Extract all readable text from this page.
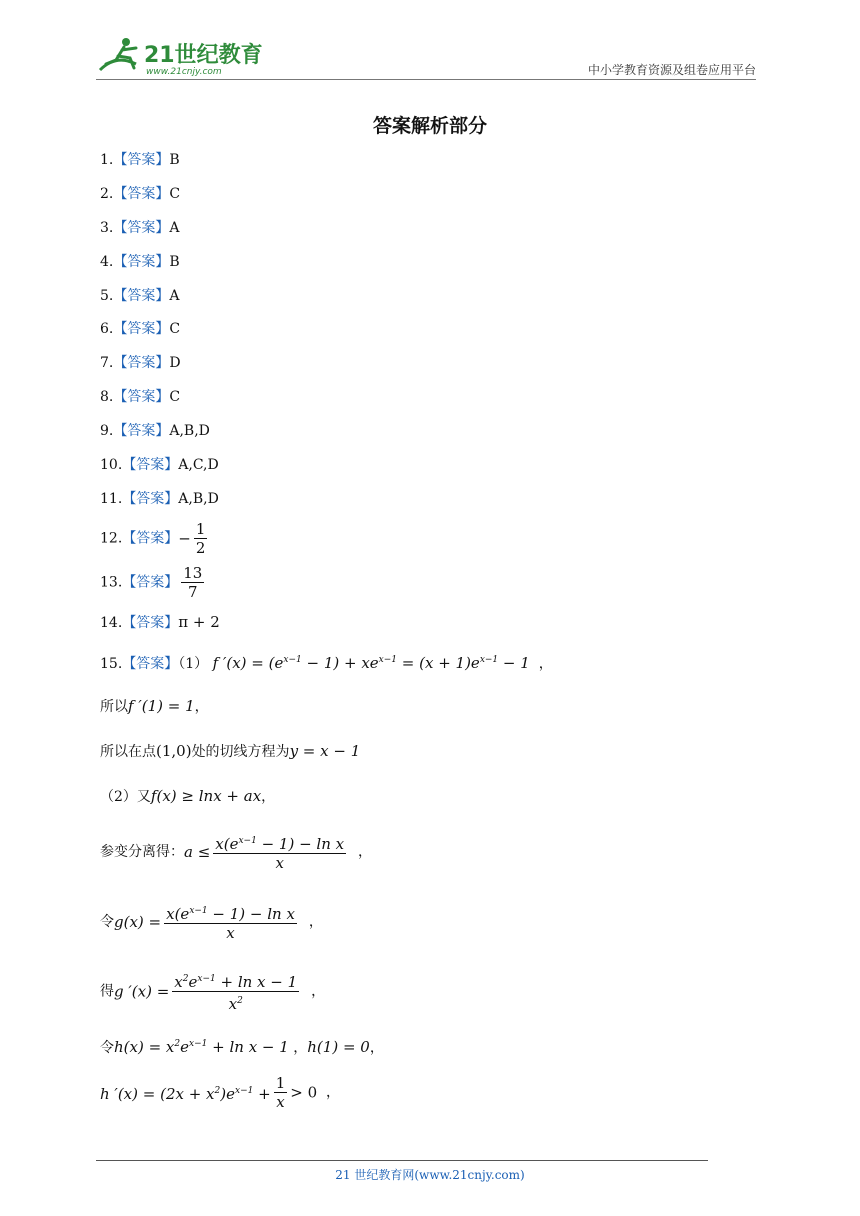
21世纪教育
www.21cnjy.com	中小学教育资源及组卷应用平台
答案解析部分
1.【答案】B
2.【答案】C
3.【答案】A
4.【答案】B
5.【答案】A
6.【答案】C
7.【答案】D
8.【答案】C
9.【答案】A,B,D
10.【答案】A,C,D
11.【答案】A,B,D
12.【答案】− $\frac{1}{2}$
13.【答案】 $\frac{13}{7}$
14.【答案】π + 2
15.【答案】（1） f $'(x) = (e^{x-1} - 1) + xe^{x-1} = (x + 1)e^{x-1} - 1$ ，
所以f ′(1) = 1，
所以在点(1,0)处的切线方程为y = x − 1
（2）又f(x) ≥ lnx + ax，
参变分离得：$a \le \frac{x(e^{x-1} - 1) - \ln x}{x}$ ，
令$g(x) = \frac{x(e^{x-1} - 1) - \ln x}{x}$ ，
得g $'(x) = \frac{x^2e^{x-1} + \ln x - 1}{x^2}$ ，
令$h(x) = x^2e^{x-1} + \ln x - 1$ ，h(1) = 0，
h $'(x) = (2x + x^2)e^{x-1} + \frac{1}{x} > 0$ ，
21 世纪教育网(www.21cnjy.com)
